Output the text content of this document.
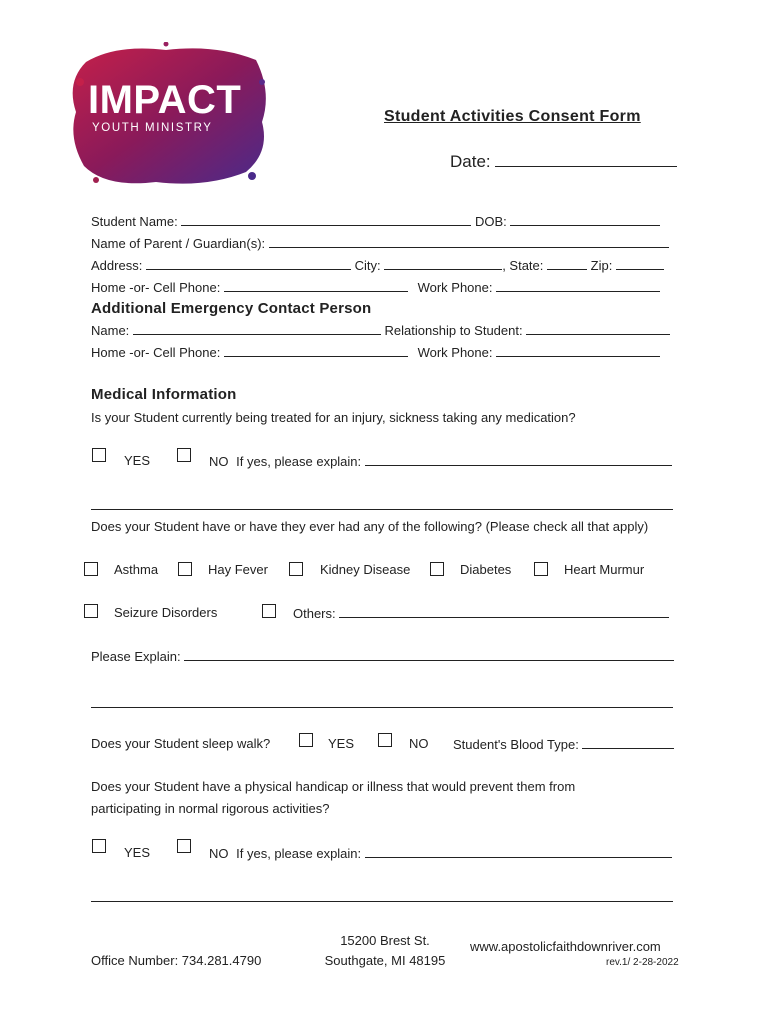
IMPACT
YOUTH MINISTRY
Student Activities Consent Form
Date:
Student Name:	DOB:
Name of Parent / Guardian(s):
Address:	City:	, State:	Zip:
Home -or- Cell Phone:	Work Phone:
Additional Emergency Contact Person
Name:	Relationship to Student:
Home -or- Cell Phone:	Work Phone:
Medical Information
Is your Student currently being treated for an injury, sickness taking any medication?
YES	NO If yes, please explain:
Does your Student have or have they ever had any of the following? (Please check all that apply)
Asthma	Hay Fever	Kidney Disease	Diabetes	Heart Murmur
Seizure Disorders	Others:
Please Explain:
Does your Student sleep walk?	YES	NO Student's Blood Type:
Does your Student have a physical handicap or illness that would prevent them from
participating in normal rigorous activities?
YES	NO If yes, please explain:
Office Number: 734.281.4790
15200 Brest St.
Southgate, MI 48195
www.apostolicfaithdownriver.com
rev.1/ 2-28-2022
